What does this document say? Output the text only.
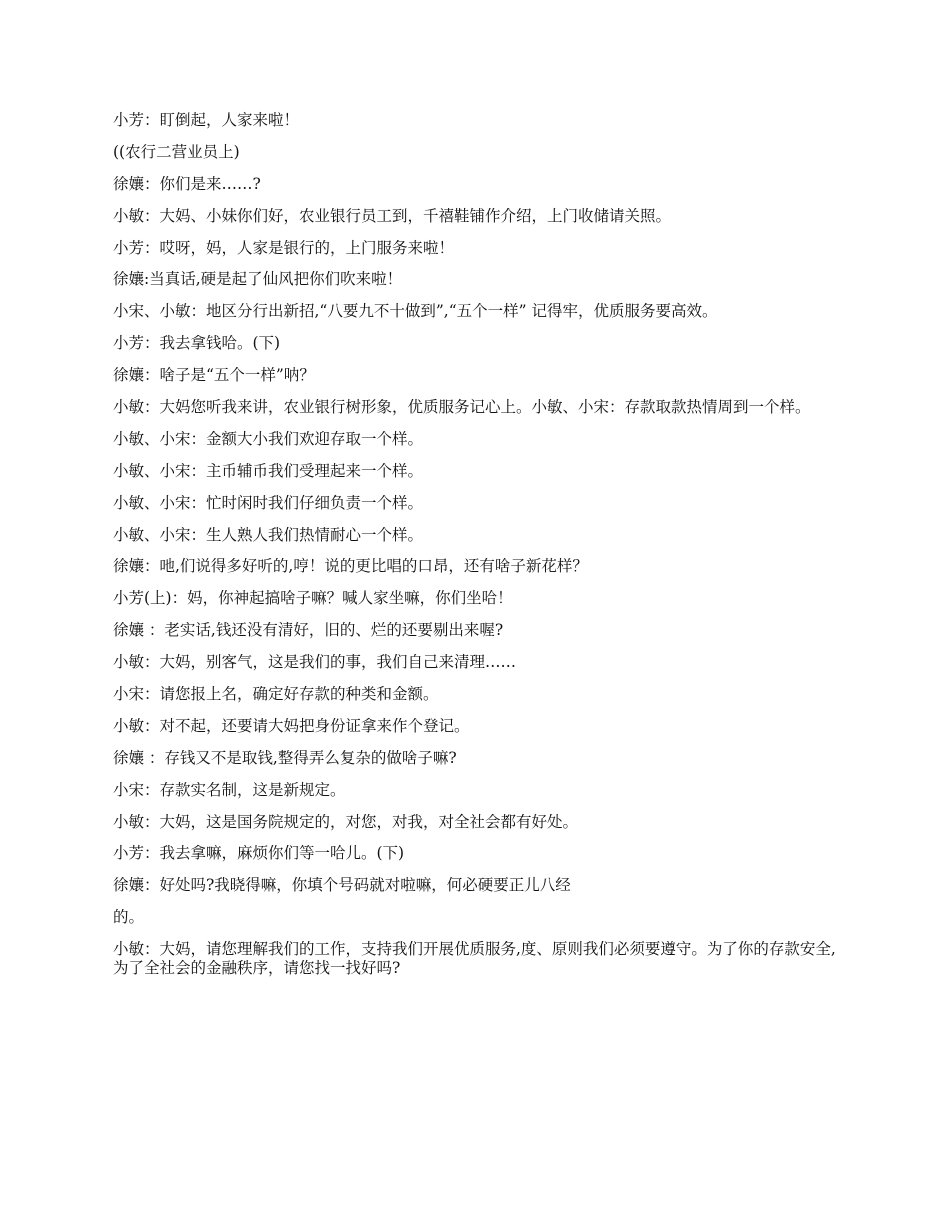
小芳：盯倒起，人家来啦！

((农行二营业员上)

徐孃：你们是来……?

小敏：大妈、小妹你们好，农业银行员工到，千禧鞋铺作介绍，上门收储请关照。

小芳：哎呀，妈，人家是银行的，上门服务来啦！

徐孃:当真话,硬是起了仙风把你们吹来啦！

小宋、小敏：地区分行出新招,“八要九不十做到”,“五个一样” 记得牢，优质服务要高效。

小芳：我去拿钱哈。(下)

徐孃：啥子是“五个一样”呐？

小敏：大妈您听我来讲，农业银行树形象，优质服务记心上。小敏、小宋：存款取款热情周到一个样。

小敏、小宋：金额大小我们欢迎存取一个样。

小敏、小宋：主币辅币我们受理起来一个样。

小敏、小宋：忙时闲时我们仔细负责一个样。

小敏、小宋：生人熟人我们热情耐心一个样。

徐孃：吔,们说得多好听的,哼！说的更比唱的口昂，还有啥子新花样？

小芳(上)：妈，你神起搞啥子嘛？喊人家坐嘛，你们坐哈！

徐孃 ：老实话,钱还没有清好，旧的、烂的还要剔出来喔?

小敏：大妈，别客气，这是我们的事，我们自己来清理……

小宋：请您报上名，确定好存款的种类和金额。

小敏：对不起，还要请大妈把身份证拿来作个登记。

徐孃 ：存钱又不是取钱,整得弄么复杂的做啥子嘛?

小宋：存款实名制，这是新规定。

小敏：大妈，这是国务院规定的，对您，对我，对全社会都有好处。

小芳：我去拿嘛，麻烦你们等一哈儿。(下)

徐孃：好处吗?我晓得嘛，你填个号码就对啦嘛，何必硬要正儿八经

的。

小敏：大妈，请您理解我们的工作，支持我们开展优质服务,度、原则我们必须要遵守。为了你的存款安全,为了全社会的金融秩序，请您找一找好吗?
